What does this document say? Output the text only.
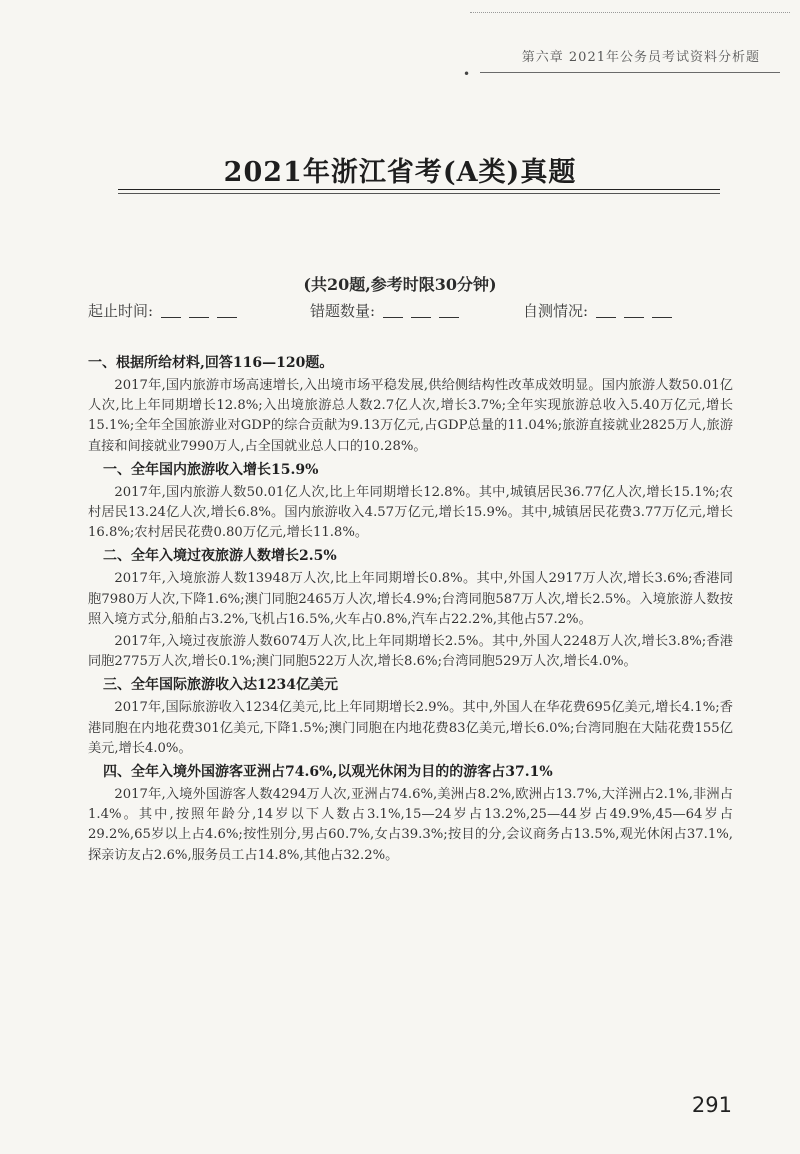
第六章 2021年公务员考试资料分析题
•
2021年浙江省考(A类)真题
(共20题,参考时限30分钟)
起止时间:	错题数量:	自测情况:
一、根据所给材料,回答116—120题。

2017年,国内旅游市场高速增长,入出境市场平稳发展,供给侧结构性改革成效明显。国内旅游人数50.01亿人次,比上年同期增长12.8%;入出境旅游总人数2.7亿人次,增长3.7%;全年实现旅游总收入5.40万亿元,增长15.1%;全年全国旅游业对GDP的综合贡献为9.13万亿元,占GDP总量的11.04%;旅游直接就业2825万人,旅游直接和间接就业7990万人,占全国就业总人口的10.28%。

一、全年国内旅游收入增长15.9%

2017年,国内旅游人数50.01亿人次,比上年同期增长12.8%。其中,城镇居民36.77亿人次,增长15.1%;农村居民13.24亿人次,增长6.8%。国内旅游收入4.57万亿元,增长15.9%。其中,城镇居民花费3.77万亿元,增长16.8%;农村居民花费0.80万亿元,增长11.8%。

二、全年入境过夜旅游人数增长2.5%

2017年,入境旅游人数13948万人次,比上年同期增长0.8%。其中,外国人2917万人次,增长3.6%;香港同胞7980万人次,下降1.6%;澳门同胞2465万人次,增长4.9%;台湾同胞587万人次,增长2.5%。入境旅游人数按照入境方式分,船舶占3.2%,飞机占16.5%,火车占0.8%,汽车占22.2%,其他占57.2%。

2017年,入境过夜旅游人数6074万人次,比上年同期增长2.5%。其中,外国人2248万人次,增长3.8%;香港同胞2775万人次,增长0.1%;澳门同胞522万人次,增长8.6%;台湾同胞529万人次,增长4.0%。

三、全年国际旅游收入达1234亿美元

2017年,国际旅游收入1234亿美元,比上年同期增长2.9%。其中,外国人在华花费695亿美元,增长4.1%;香港同胞在内地花费301亿美元,下降1.5%;澳门同胞在内地花费83亿美元,增长6.0%;台湾同胞在大陆花费155亿美元,增长4.0%。

四、全年入境外国游客亚洲占74.6%,以观光休闲为目的的游客占37.1%

2017年,入境外国游客人数4294万人次,亚洲占74.6%,美洲占8.2%,欧洲占13.7%,大洋洲占2.1%,非洲占1.4%。其中,按照年龄分,14岁以下人数占3.1%,15—24岁占13.2%,25—44岁占49.9%,45—64岁占29.2%,65岁以上占4.6%;按性别分,男占60.7%,女占39.3%;按目的分,会议商务占13.5%,观光休闲占37.1%,探亲访友占2.6%,服务员工占14.8%,其他占32.2%。

291
